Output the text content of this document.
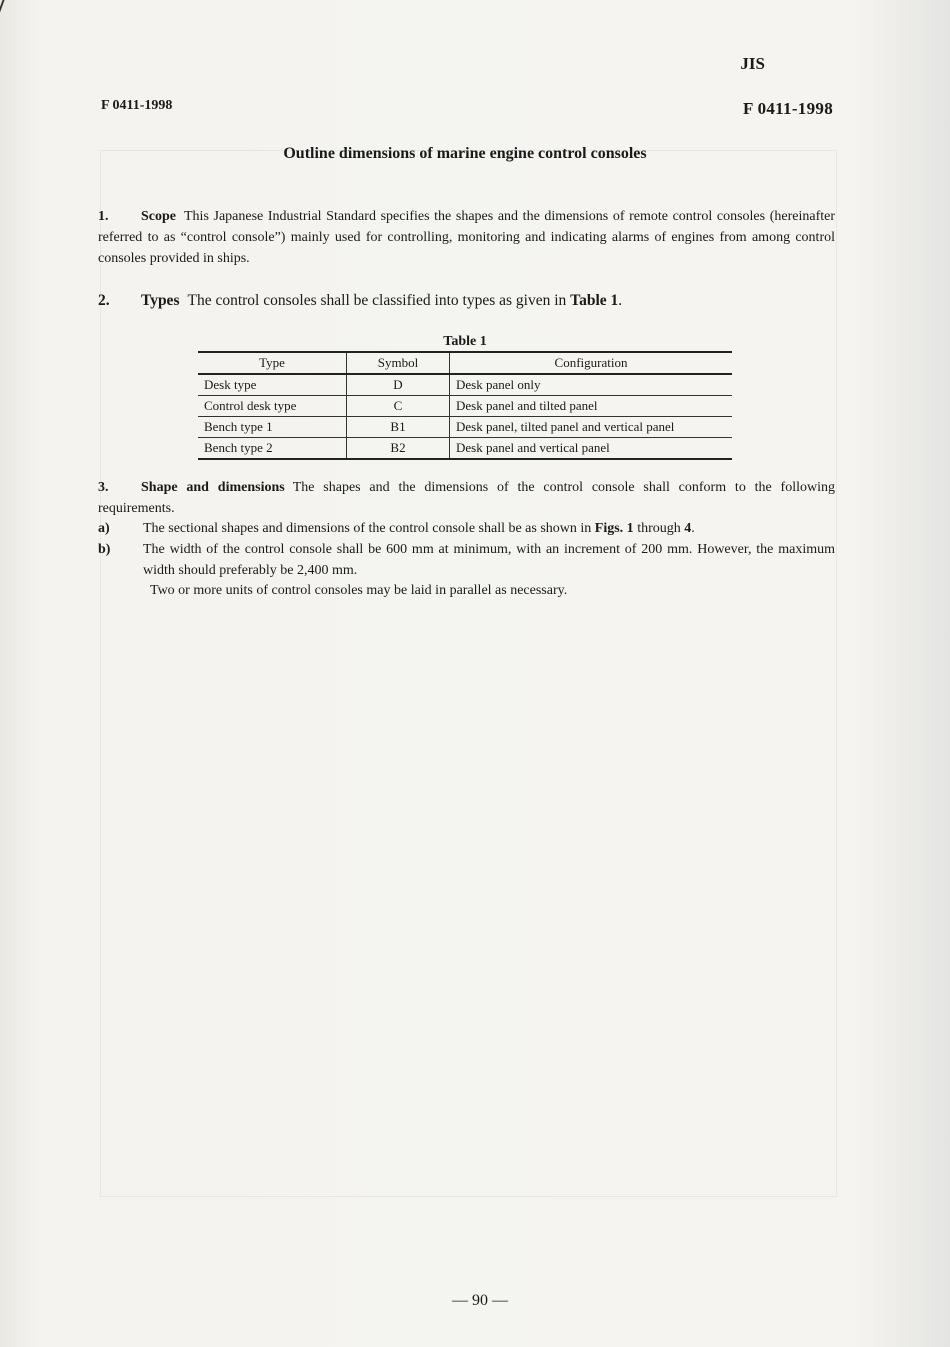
JIS
F 0411-1998	F 0411-1998
Outline dimensions of marine engine control consoles
1. Scope This Japanese Industrial Standard specifies the shapes and the dimensions of remote control consoles (hereinafter referred to as “control console”) mainly used for controlling, monitoring and indicating alarms of engines from among control consoles provided in ships.
2. Types The control consoles shall be classified into types as given in Table 1.
Table 1
Type	Symbol	Configuration
Desk type	D	Desk panel only
Control desk type	C	Desk panel and tilted panel
Bench type 1	B1	Desk panel, tilted panel and vertical panel
Bench type 2	B2	Desk panel and vertical panel
3. Shape and dimensions The shapes and the dimensions of the control console shall conform to the following requirements.
a) The sectional shapes and dimensions of the control console shall be as shown in Figs. 1 through 4.
b) The width of the control console shall be 600 mm at minimum, with an increment of 200 mm. However, the maximum width should preferably be 2,400 mm.
Two or more units of control consoles may be laid in parallel as necessary.
— 90 —
